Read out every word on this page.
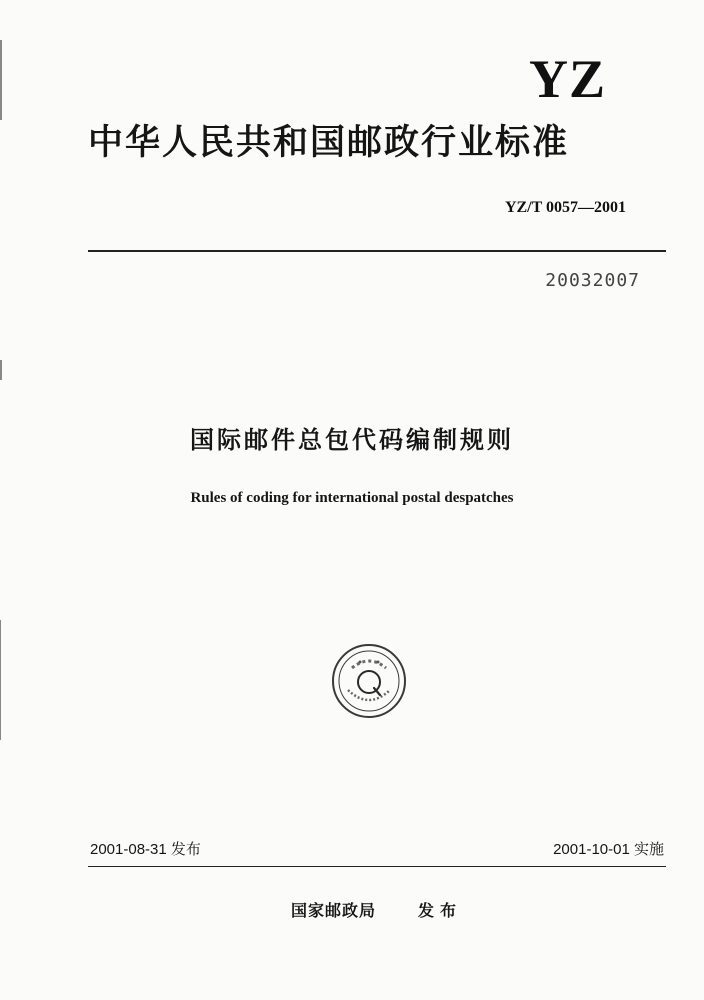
YZ
中华人民共和国邮政行业标准
YZ/T 0057—2001
20032007
国际邮件总包代码编制规则
Rules of coding for international postal despatches
2001-08-31 发布	2001-10-01 实施
国家邮政局	发布
